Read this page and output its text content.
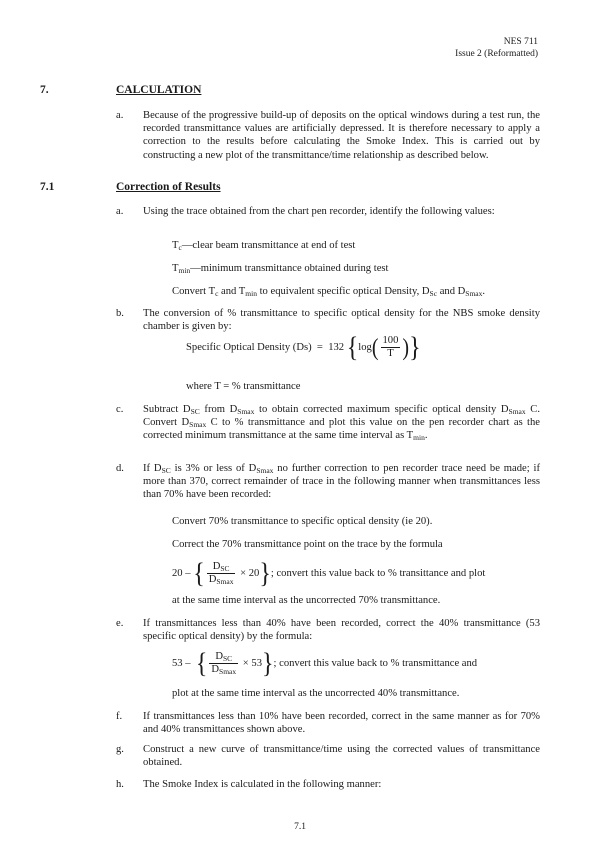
NES 711
Issue 2 (Reformatted)
7.	CALCULATION
a. Because of the progressive build-up of deposits on the optical windows during a test run, the recorded transmittance values are artificially depressed. It is therefore necessary to apply a correction to the results before calculating the Smoke Index. This is carried out by constructing a new plot of the transmittance/time relationship as described below.
7.1	Correction of Results
a. Using the trace obtained from the chart pen recorder, identify the following values:
$T_c—clear$ beam transmittance at end of test
$T_{min}—minimum$ transmittance obtained during test
Convert $T_c$ and $T_{min}$ to equivalent specific optical Density, $D_{Sc}$ and $D_{Smax}$.
b. The conversion of % transmittance to specific optical density for the NBS smoke density chamber is given by:
Specific Optical Density (Ds) = 132 {$\log( \frac{100}{T}$ )}
where T = % transmittance
c. Subtract $D_{SC}$ from $D_{Smax}$ to obtain corrected maximum specific optical density $D_{Smax}$ C. Convert $D_{Smax}$ C to % transmittance and plot this value on the pen recorder chart as the corrected minimum transmittance at the same time interval as $T_{min}$.
d. If $D_{SC}$ is 3% or less of $D_{Smax}$ no further correction to pen recorder trace need be made; if more than 370, correct remainder of trace in the following manner when transmittances less than 70% have been recorded:
Convert 70% transmittance to specific optical density (ie 20).
Correct the 70% transmittance point on the trace by the formula
20 – { $\frac{D_{SC}}{D_{Smax}} \times 20$}; convert this value back to % transittance and plot
at the same time interval as the uncorrected 70% transmittance.
e. If transmittances less than 40% have been recorded, correct the 40% transmittance (53 specific optical density) by the formula:
53 – { $\frac{D_{SC}}{D_{Smax}} \times 53$}; convert this value back to % transmittance and
plot at the same time interval as the uncorrected 40% transmittance.
f. If transmittances less than 10% have been recorded, correct in the same manner as for 70% and 40% transmittances shown above.
g. Construct a new curve of transmittance/time using the corrected values of transmittance obtained.
h. The Smoke Index is calculated in the following manner:
7.1
